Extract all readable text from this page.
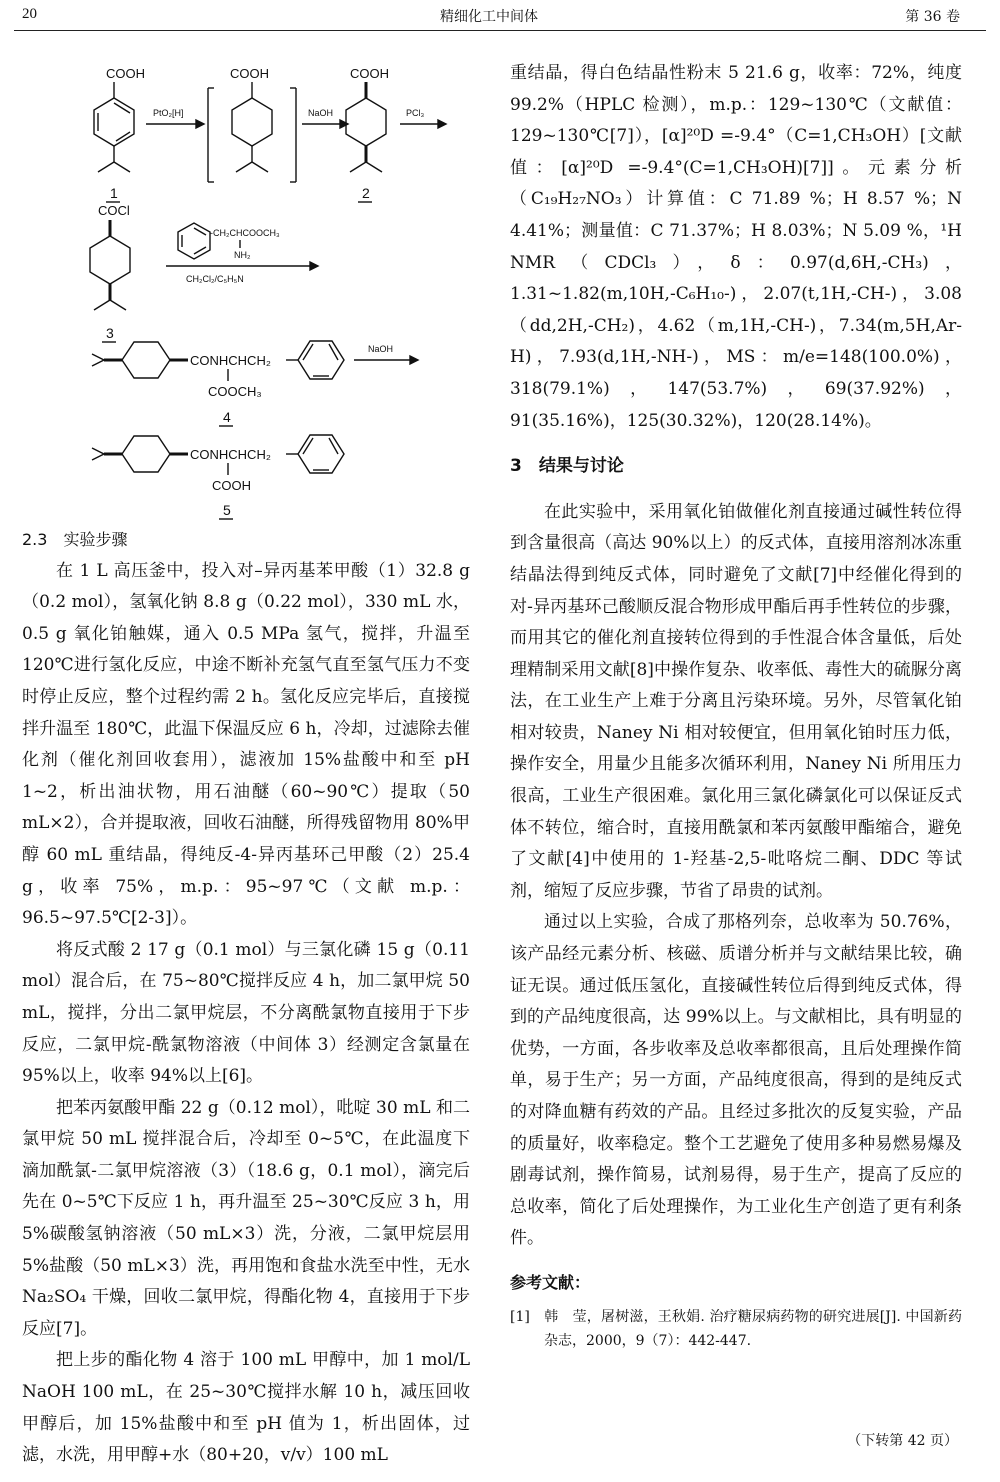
20	精细化工中间体	第 36 卷
COOH
1
PtO₂[H]
COOH
NaOH
COOH
2
PCl₃
COCl
3
-CH₂CHCOOCH₃
NH₂
CH₂Cl₂/C₅H₅N
CONHCHCH₂
COOCH₃
4
NaOH
CONHCHCH₂
COOH
5

2.3　实验步骤

在 1 L 高压釜中，投入对–异丙基苯甲酸（1）32.8 g（0.2 mol），氢氧化钠 8.8 g（0.22 mol），330 mL 水，0.5 g 氧化铂触媒，通入 0.5 MPa 氢气，搅拌，升温至 120℃进行氢化反应，中途不断补充氢气直至氢气压力不变时停止反应，整个过程约需 2 h。氢化反应完毕后，直接搅拌升温至 180℃，此温下保温反应 6 h，冷却，过滤除去催化剂（催化剂回收套用），滤液加 15%盐酸中和至 pH 1~2，析出油状物，用石油醚（60~90℃）提取（50 mL×2），合并提取液，回收石油醚，所得残留物用 80%甲醇 60 mL 重结晶，得纯反-4-异丙基环己甲酸（2）25.4 g，收率 75%，m.p.：95~97℃（文献 m.p.：96.5~97.5℃[2-3]）。

将反式酸 2 17 g（0.1 mol）与三氯化磷 15 g（0.11 mol）混合后，在 75~80℃搅拌反应 4 h，加二氯甲烷 50 mL，搅拌，分出二氯甲烷层，不分离酰氯物直接用于下步反应，二氯甲烷-酰氯物溶液（中间体 3）经测定含氯量在 95%以上，收率 94%以上[6]。

把苯丙氨酸甲酯 22 g（0.12 mol），吡啶 30 mL 和二氯甲烷 50 mL 搅拌混合后，冷却至 0~5℃，在此温度下滴加酰氯-二氯甲烷溶液（3）（18.6 g，0.1 mol），滴完后先在 0~5℃下反应 1 h，再升温至 25~30℃反应 3 h，用 5%碳酸氢钠溶液（50 mL×3）洗，分液，二氯甲烷层用 5%盐酸（50 mL×3）洗，再用饱和食盐水洗至中性，无水 Na₂SO₄ 干燥，回收二氯甲烷，得酯化物 4，直接用于下步反应[7]。

把上步的酯化物 4 溶于 100 mL 甲醇中，加 1 mol/L NaOH 100 mL，在 25~30℃搅拌水解 10 h，减压回收甲醇后，加 15%盐酸中和至 pH 值为 1，析出固体，过滤，水洗，用甲醇+水（80+20，v/v）100 mL

重结晶，得白色结晶性粉末 5 21.6 g，收率：72%，纯度 99.2%（HPLC 检测），m.p.：129~130℃（文献值：129~130℃[7]），[α]²⁰D =-9.4°（C=1,CH₃OH）[文献值：[α]²⁰D =-9.4°(C=1,CH₃OH)[7]]。元素分析（C₁₉H₂₇NO₃）计算值：C 71.89 %；H 8.57 %；N 4.41%；测量值：C 71.37%；H 8.03%；N 5.09 %，¹H NMR（CDCl₃），δ：0.97(d,6H,-CH₃)，1.31~1.82(m,10H,-C₆H₁₀-)，2.07(t,1H,-CH-)，3.08（dd,2H,-CH₂)，4.62（m,1H,-CH-)，7.34(m,5H,Ar-H)，7.93(d,1H,-NH-)，MS：m/e=148(100.0%)，318(79.1%)，147(53.7%)，69(37.92%)，91(35.16%)，125(30.32%)，120(28.14%)。

3　结果与讨论

在此实验中，采用氧化铂做催化剂直接通过碱性转位得到含量很高（高达 90%以上）的反式体，直接用溶剂冰冻重结晶法得到纯反式体，同时避免了文献[7]中经催化得到的对-异丙基环己酸顺反混合物形成甲酯后再手性转位的步骤，而用其它的催化剂直接转位得到的手性混合体含量低，后处理精制采用文献[8]中操作复杂、收率低、毒性大的硫脲分离法，在工业生产上难于分离且污染环境。另外，尽管氧化铂相对较贵，Naney Ni 相对较便宜，但用氧化铂时压力低，操作安全，用量少且能多次循环利用，Naney Ni 所用压力很高，工业生产很困难。氯化用三氯化磷氯化可以保证反式体不转位，缩合时，直接用酰氯和苯丙氨酸甲酯缩合，避免了文献[4]中使用的 1-羟基-2,5-吡咯烷二酮、DDC 等试剂，缩短了反应步骤，节省了昂贵的试剂。

通过以上实验，合成了那格列奈，总收率为 50.76%，该产品经元素分析、核磁、质谱分析并与文献结果比较，确证无误。通过低压氢化，直接碱性转位后得到纯反式体，得到的产品纯度很高，达 99%以上。与文献相比，具有明显的优势，一方面，各步收率及总收率都很高，且后处理操作简单，易于生产；另一方面，产品纯度很高，得到的是纯反式的对降血糖有药效的产品。且经过多批次的反复实验，产品的质量好，收率稳定。整个工艺避免了使用多种易燃易爆及剧毒试剂，操作简易，试剂易得，易于生产，提高了反应的总收率，简化了后处理操作，为工业化生产创造了更有利条件。

参考文献：

[1]　韩　莹，屠树滋，王秋娟. 治疗糖尿病药物的研究进展[J]. 中国新药杂志，2000，9（7）：442-447.

（下转第 42 页）
